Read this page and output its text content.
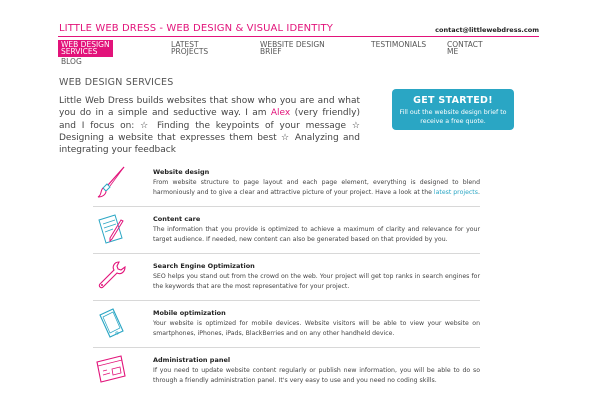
LITTLE WEB DRESS - WEB DESIGN & VISUAL IDENTITY	contact@littlewebdress.com
WEB DESIGN SERVICES
LATEST PROJECTS
WEBSITE DESIGN BRIEF
TESTIMONIALS	CONTACT ME
BLOG
WEB DESIGN SERVICES
Little Web Dress builds websites that show who you are and what you do in a simple and seductive way. I am Alex (very friendly) and I focus on: ☆ Finding the keypoints of your message ☆ Designing a website that expresses them best ☆ Analyzing and integrating your feedback
GET STARTED!
Fill out the website design brief to receive a free quote.
Website design
From website structure to page layout and each page element, everything is designed to blend harmoniously and to give a clear and attractive picture of your project. Have a look at the latest projects.
Content care
The information that you provide is optimized to achieve a maximum of clarity and relevance for your target audience. If needed, new content can also be generated based on that provided by you.
Search Engine Optimization
SEO helps you stand out from the crowd on the web. Your project will get top ranks in search engines for the keywords that are the most representative for your project.
Mobile optimization
Your website is optimized for mobile devices. Website visitors will be able to view your website on smartphones, iPhones, iPads, BlackBerries and on any other handheld device.
Administration panel
If you need to update website content regularly or publish new information, you will be able to do so through a friendly administration panel. It's very easy to use and you need no coding skills.
